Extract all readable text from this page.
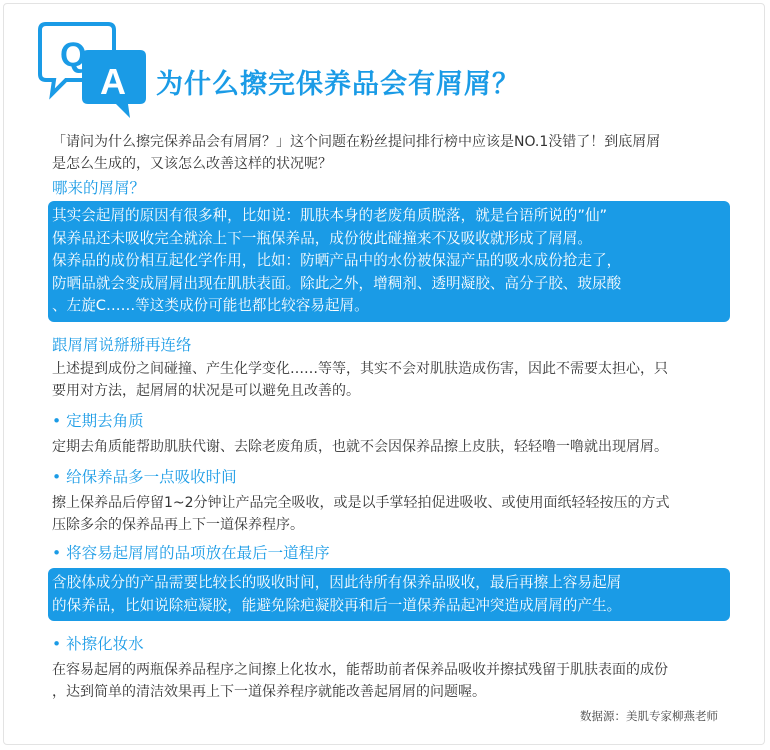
Q
A 为什么擦完保养品会有屑屑？

「请问为什么擦完保养品会有屑屑？」这个问题在粉丝提问排行榜中应该是NO.1没错了！到底屑屑

是怎么生成的，又该怎么改善这样的状况呢？

哪来的屑屑？

其实会起屑的原因有很多种，比如说：肌肤本身的老废角质脱落，就是台语所说的”仙”

保养品还未吸收完全就涂上下一瓶保养品，成份彼此碰撞来不及吸收就形成了屑屑。

保养品的成份相互起化学作用，比如：防晒产品中的水份被保湿产品的吸水成份抢走了，

防晒品就会变成屑屑出现在肌肤表面。除此之外，增稠剂、透明凝胶、高分子胶、玻尿酸

、左旋C……等这类成份可能也都比较容易起屑。

跟屑屑说掰掰再连络

上述提到成份之间碰撞、产生化学变化……等等，其实不会对肌肤造成伤害，因此不需要太担心，只

要用对方法，起屑屑的状况是可以避免且改善的。

• 定期去角质

定期去角质能帮助肌肤代谢、去除老废角质，也就不会因保养品擦上皮肤，轻轻噜一噜就出现屑屑。

• 给保养品多一点吸收时间

擦上保养品后停留1~2分钟让产品完全吸收，或是以手掌轻拍促进吸收、或使用面纸轻轻按压的方式

压除多余的保养品再上下一道保养程序。

• 将容易起屑屑的品项放在最后一道程序

含胶体成分的产品需要比较长的吸收时间，因此待所有保养品吸收，最后再擦上容易起屑

的保养品，比如说除疤凝胶，能避免除疤凝胶再和后一道保养品起冲突造成屑屑的产生。

• 补擦化妆水

在容易起屑的两瓶保养品程序之间擦上化妆水，能帮助前者保养品吸收并擦拭残留于肌肤表面的成份

，达到简单的清洁效果再上下一道保养程序就能改善起屑屑的问题喔。

数据源：美肌专家柳燕老师
